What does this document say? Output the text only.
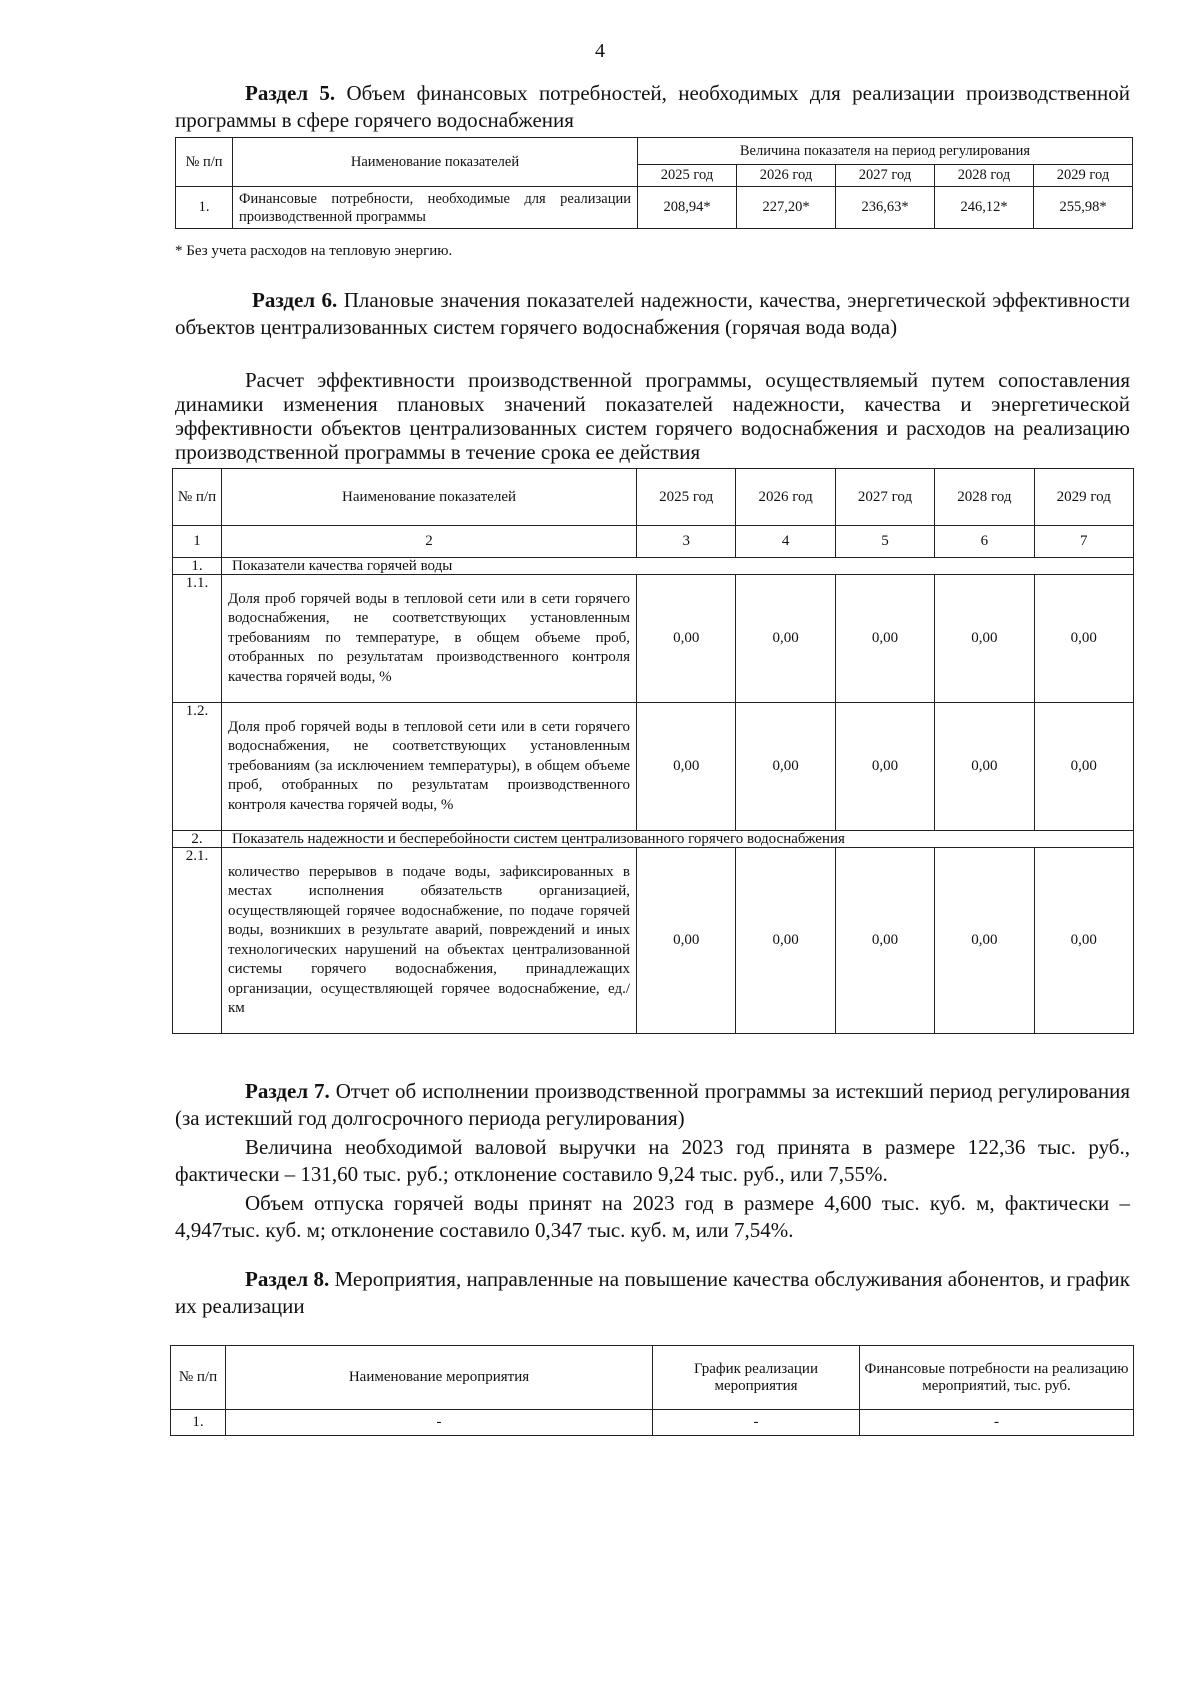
4
Раздел 5. Объем финансовых потребностей, необходимых для реализации производственной программы в сфере горячего водоснабжения
№ п/п	Наименование показателей	Величина показателя на период регулирования				
		2025 год	2026 год	2027 год	2028 год	2029 год
1.	Финансовые потребности, необходимые для реализации производственной программы	208,94*	227,20*	236,63*	246,12*	255,98*
* Без учета расходов на тепловую энергию.
Раздел 6. Плановые значения показателей надежности, качества, энергетической эффективности объектов централизованных систем горячего водоснабжения (горячая вода вода)
Расчет эффективности производственной программы, осуществляемый путем сопоставления динамики изменения плановых значений показателей надежности, качества и энергетической эффективности объектов централизованных систем горячего водоснабжения и расходов на реализацию производственной программы в течение срока ее действия
№ п/п	Наименование показателей	2025 год	2026 год	2027 год	2028 год	2029 год
1	2	3	4	5	6	7
1.	Показатели качества горячей воды					
1.1.	Доля проб горячей воды в тепловой сети или в сети горячего водоснабжения, не соответствующих установленным требованиям по температуре, в общем объеме проб, отобранных по результатам производственного контроля качества горячей воды, %	0,00	0,00	0,00	0,00	0,00
1.2.	Доля проб горячей воды в тепловой сети или в сети горячего водоснабжения, не соответствующих установленным требованиям (за исключением температуры), в общем объеме проб, отобранных по результатам производственного контроля качества горячей воды, %	0,00	0,00	0,00	0,00	0,00
2.	Показатель надежности и бесперебойности систем централизованного горячего водоснабжения					
2.1.	количество перерывов в подаче воды, зафиксированных в местах исполнения обязательств организацией, осуществляющей горячее водоснабжение, по подаче горячей воды, возникших в результате аварий, повреждений и иных технологических нарушений на объектах централизованной системы горячего водоснабжения, принадлежащих организации, осуществляющей горячее водоснабжение, ед./ км	0,00	0,00	0,00	0,00	0,00
Раздел 7. Отчет об исполнении производственной программы за истекший период регулирования (за истекший год долгосрочного периода регулирования)
Величина необходимой валовой выручки на 2023 год принята в размере 122,36 тыс. руб., фактически – 131,60 тыс. руб.; отклонение составило 9,24 тыс. руб., или 7,55%.
Объем отпуска горячей воды принят на 2023 год в размере 4,600 тыс. куб. м, фактически – 4,947тыс. куб. м; отклонение составило 0,347 тыс. куб. м, или 7,54%.
Раздел 8. Мероприятия, направленные на повышение качества обслуживания абонентов, и график их реализации
№ п/п	Наименование мероприятия	График реализации мероприятия	Финансовые потребности на реализацию мероприятий, тыс. руб.
1.	-	-	-
